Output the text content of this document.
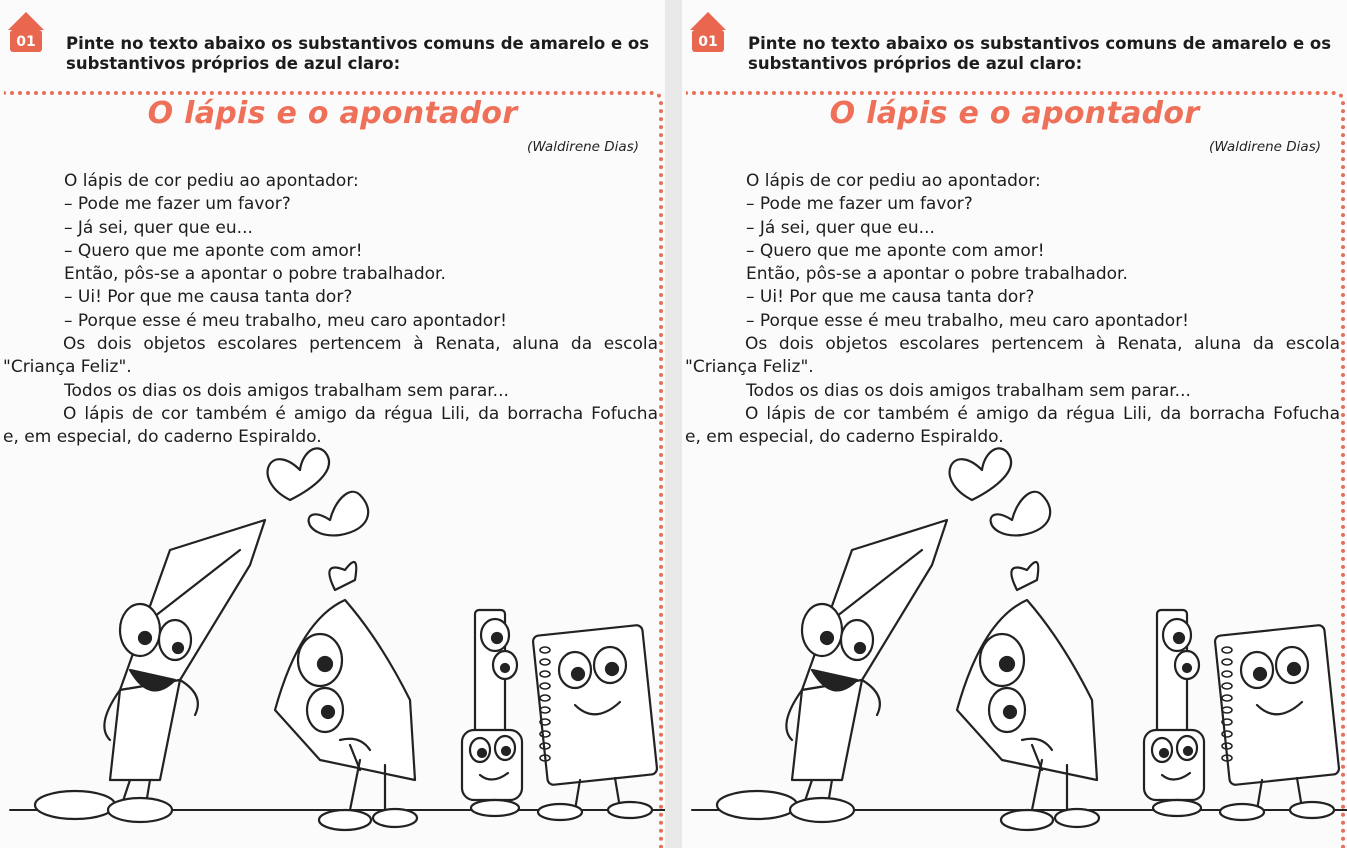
01 Pinte no texto abaixo os substantivos comuns de amarelo e os
substantivos próprios de azul claro:
O lápis e o apontador
(Waldirene Dias)
O lápis de cor pediu ao apontador:
– Pode me fazer um favor?
– Já sei, quer que eu...
– Quero que me aponte com amor!
Então, pôs-se a apontar o pobre trabalhador.
– Ui! Por que me causa tanta dor?
– Porque esse é meu trabalho, meu caro apontador!
Os dois objetos escolares pertencem à Renata, aluna da escola
"Criança Feliz".
Todos os dias os dois amigos trabalham sem parar...
O lápis de cor também é amigo da régua Lili, da borracha Fofucha
e, em especial, do caderno Espiraldo.
01 Pinte no texto abaixo os substantivos comuns de amarelo e os
substantivos próprios de azul claro:
O lápis e o apontador
(Waldirene Dias)
O lápis de cor pediu ao apontador:
– Pode me fazer um favor?
– Já sei, quer que eu...
– Quero que me aponte com amor!
Então, pôs-se a apontar o pobre trabalhador.
– Ui! Por que me causa tanta dor?
– Porque esse é meu trabalho, meu caro apontador!
Os dois objetos escolares pertencem à Renata, aluna da escola
"Criança Feliz".
Todos os dias os dois amigos trabalham sem parar...
O lápis de cor também é amigo da régua Lili, da borracha Fofucha
e, em especial, do caderno Espiraldo.
